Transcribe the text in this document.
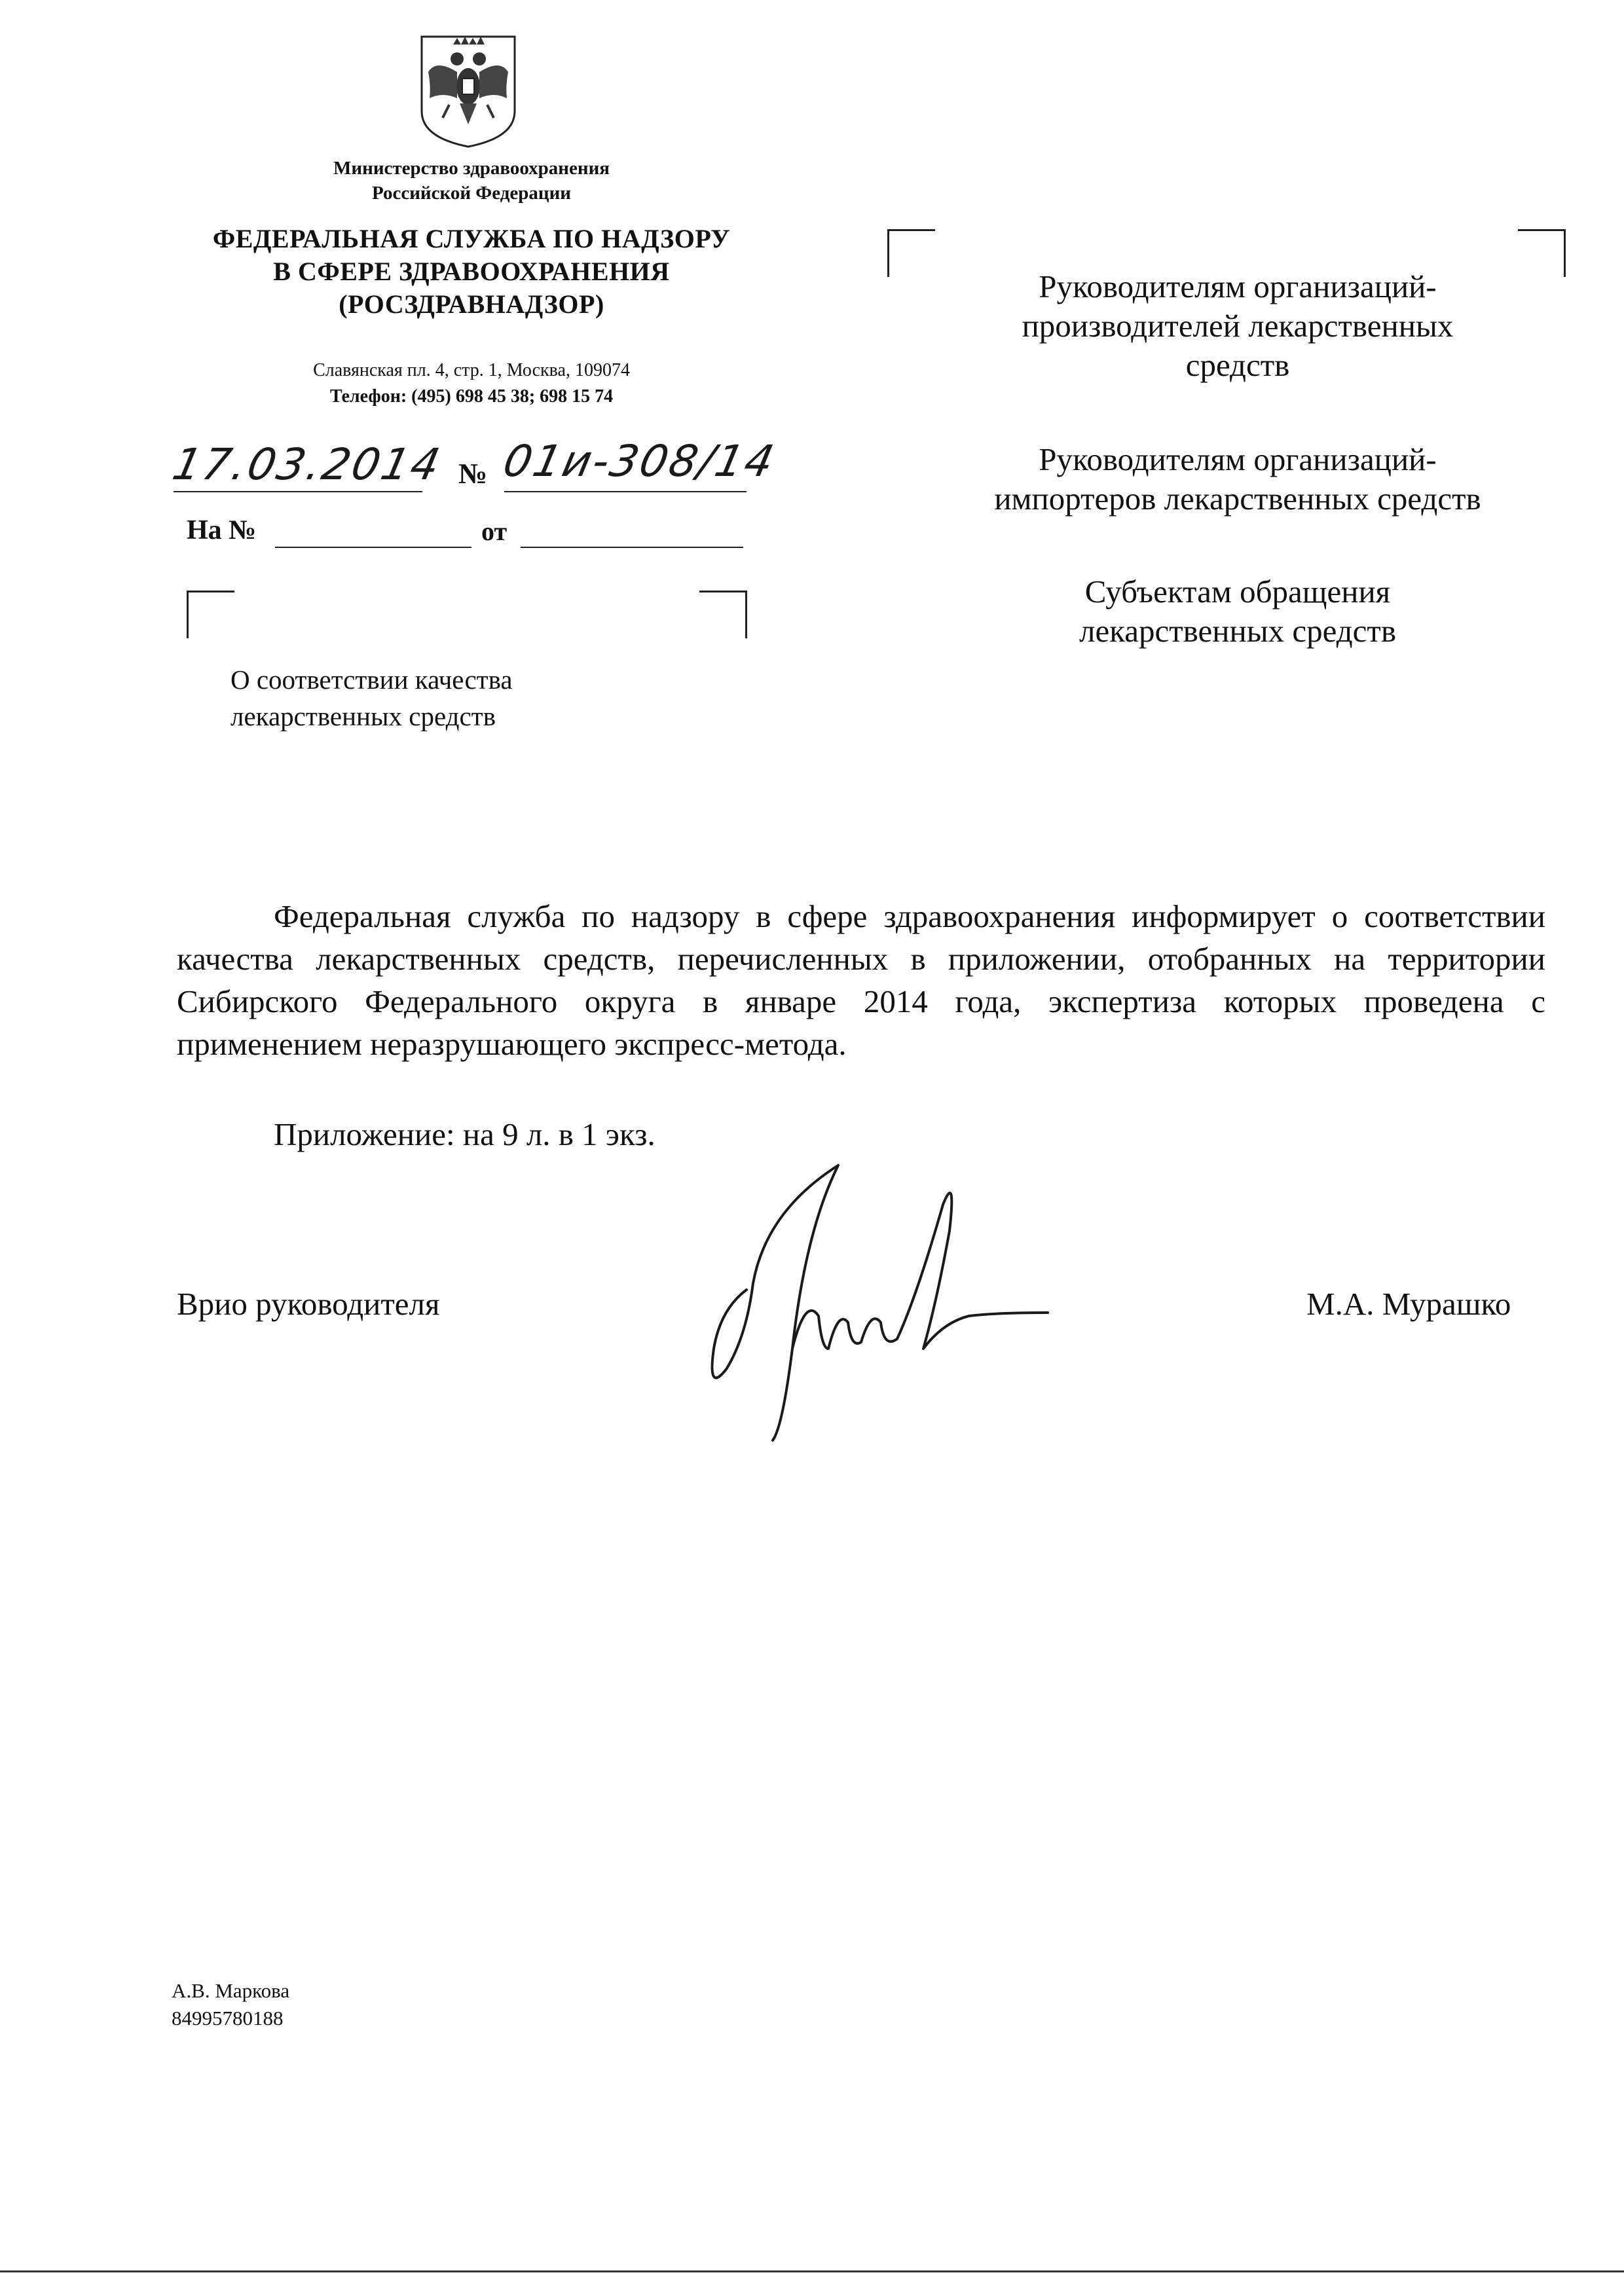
Министерство здравоохранения
Российской Федерации
ФЕДЕРАЛЬНАЯ СЛУЖБА ПО НАДЗОРУ
В СФЕРЕ ЗДРАВООХРАНЕНИЯ
(РОСЗДРАВНАДЗОР)
Славянская пл. 4, стр. 1, Москва, 109074
Телефон: (495) 698 45 38; 698 15 74
17.03.2014 № 01и-308/14
На №	от
Руководителям организаций-
производителей лекарственных
средств
Руководителям организаций-
импортеров лекарственных средств
Субъектам обращения
лекарственных средств
О соответствии качества
лекарственных средств
Федеральная служба по надзору в сфере здравоохранения информирует о соответствии качества лекарственных средств, перечисленных в приложении, отобранных на территории Сибирского Федерального округа в январе 2014 года, экспертиза которых проведена с применением неразрушающего экспресс-метода.
Приложение: на 9 л. в 1 экз.
Врио руководителя	М.А. Мурашко
А.В. Маркова
84995780188
